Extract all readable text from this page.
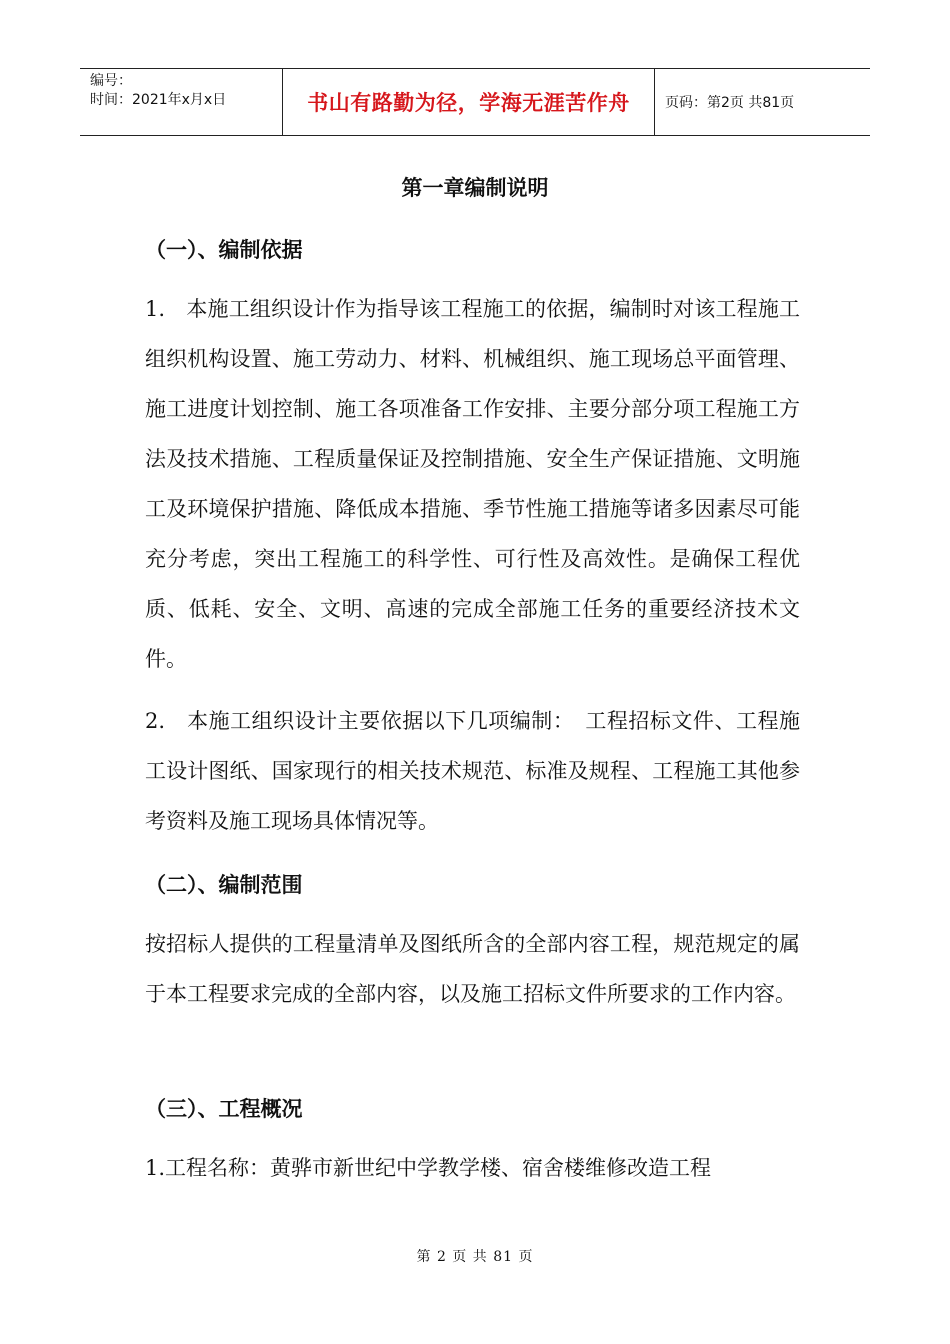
编号：
时间：2021年x月x日	书山有路勤为径，学海无涯苦作舟	页码：第2页 共81页
第一章编制说明
（一）、编制依据

1.　本施工组织设计作为指导该工程施工的依据，编制时对该工程施工组织机构设置、施工劳动力、材料、机械组织、施工现场总平面管理、施工进度计划控制、施工各项准备工作安排、主要分部分项工程施工方法及技术措施、工程质量保证及控制措施、安全生产保证措施、文明施工及环境保护措施、降低成本措施、季节性施工措施等诸多因素尽可能充分考虑，突出工程施工的科学性、可行性及高效性。是确保工程优质、低耗、安全、文明、高速的完成全部施工任务的重要经济技术文件。

2.　本施工组织设计主要依据以下几项编制：　工程招标文件、工程施工设计图纸、国家现行的相关技术规范、标准及规程、工程施工其他参考资料及施工现场具体情况等。

（二）、编制范围

按招标人提供的工程量清单及图纸所含的全部内容工程，规范规定的属于本工程要求完成的全部内容，以及施工招标文件所要求的工作内容。

（三）、工程概况

1.工程名称：黄骅市新世纪中学教学楼、宿舍楼维修改造工程

第 2 页 共 81 页
